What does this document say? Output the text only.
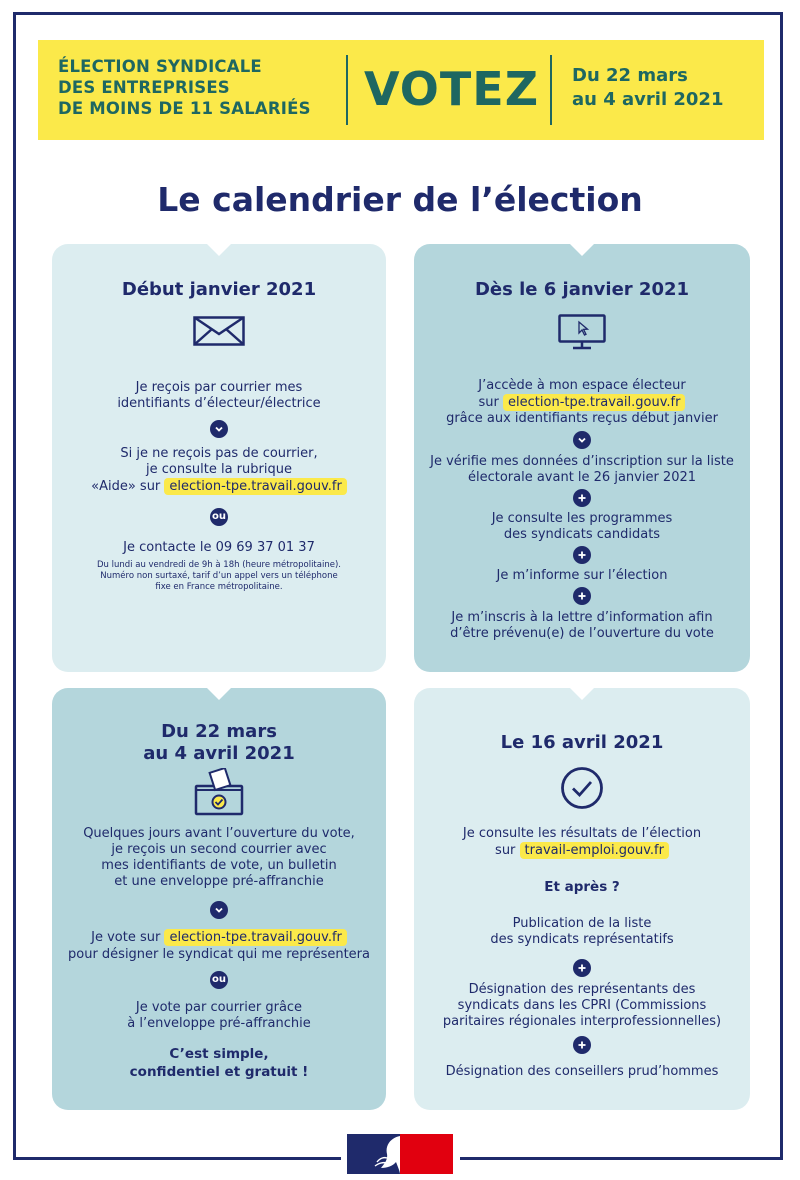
ÉLECTION SYNDICALE
DES ENTREPRISES
DE MOINS DE 11 SALARIÉS VOTEZ Du 22 mars
au 4 avril 2021
Le calendrier de l’élection
Début janvier 2021
Je reçois par courrier mes
identifiants d’électeur/électrice
Si je ne reçois pas de courrier,
je consulte la rubrique
«Aide» sur election-tpe.travail.gouv.fr
ou
Je contacte le 09 69 37 01 37
Du lundi au vendredi de 9h à 18h (heure métropolitaine).
Numéro non surtaxé, tarif d’un appel vers un téléphone
fixe en France métropolitaine.
Dès le 6 janvier 2021
J’accède à mon espace électeur
sur election-tpe.travail.gouv.fr
grâce aux identifiants reçus début janvier
Je vérifie mes données d’inscription sur la liste
électorale avant le 26 janvier 2021
Je consulte les programmes
des syndicats candidats
Je m’informe sur l’élection
Je m’inscris à la lettre d’information afin
d’être prévenu(e) de l’ouverture du vote
Du 22 mars
au 4 avril 2021
Quelques jours avant l’ouverture du vote,
je reçois un second courrier avec
mes identifiants de vote, un bulletin
et une enveloppe pré-affranchie
Je vote sur election-tpe.travail.gouv.fr
pour désigner le syndicat qui me représentera
ou
Je vote par courrier grâce
à l’enveloppe pré-affranchie
C’est simple,
confidentiel et gratuit !
Le 16 avril 2021
Je consulte les résultats de l’élection
sur travail-emploi.gouv.fr
Et après ?
Publication de la liste
des syndicats représentatifs
Désignation des représentants des
syndicats dans les CPRI (Commissions
paritaires régionales interprofessionnelles)
Désignation des conseillers prud’hommes
